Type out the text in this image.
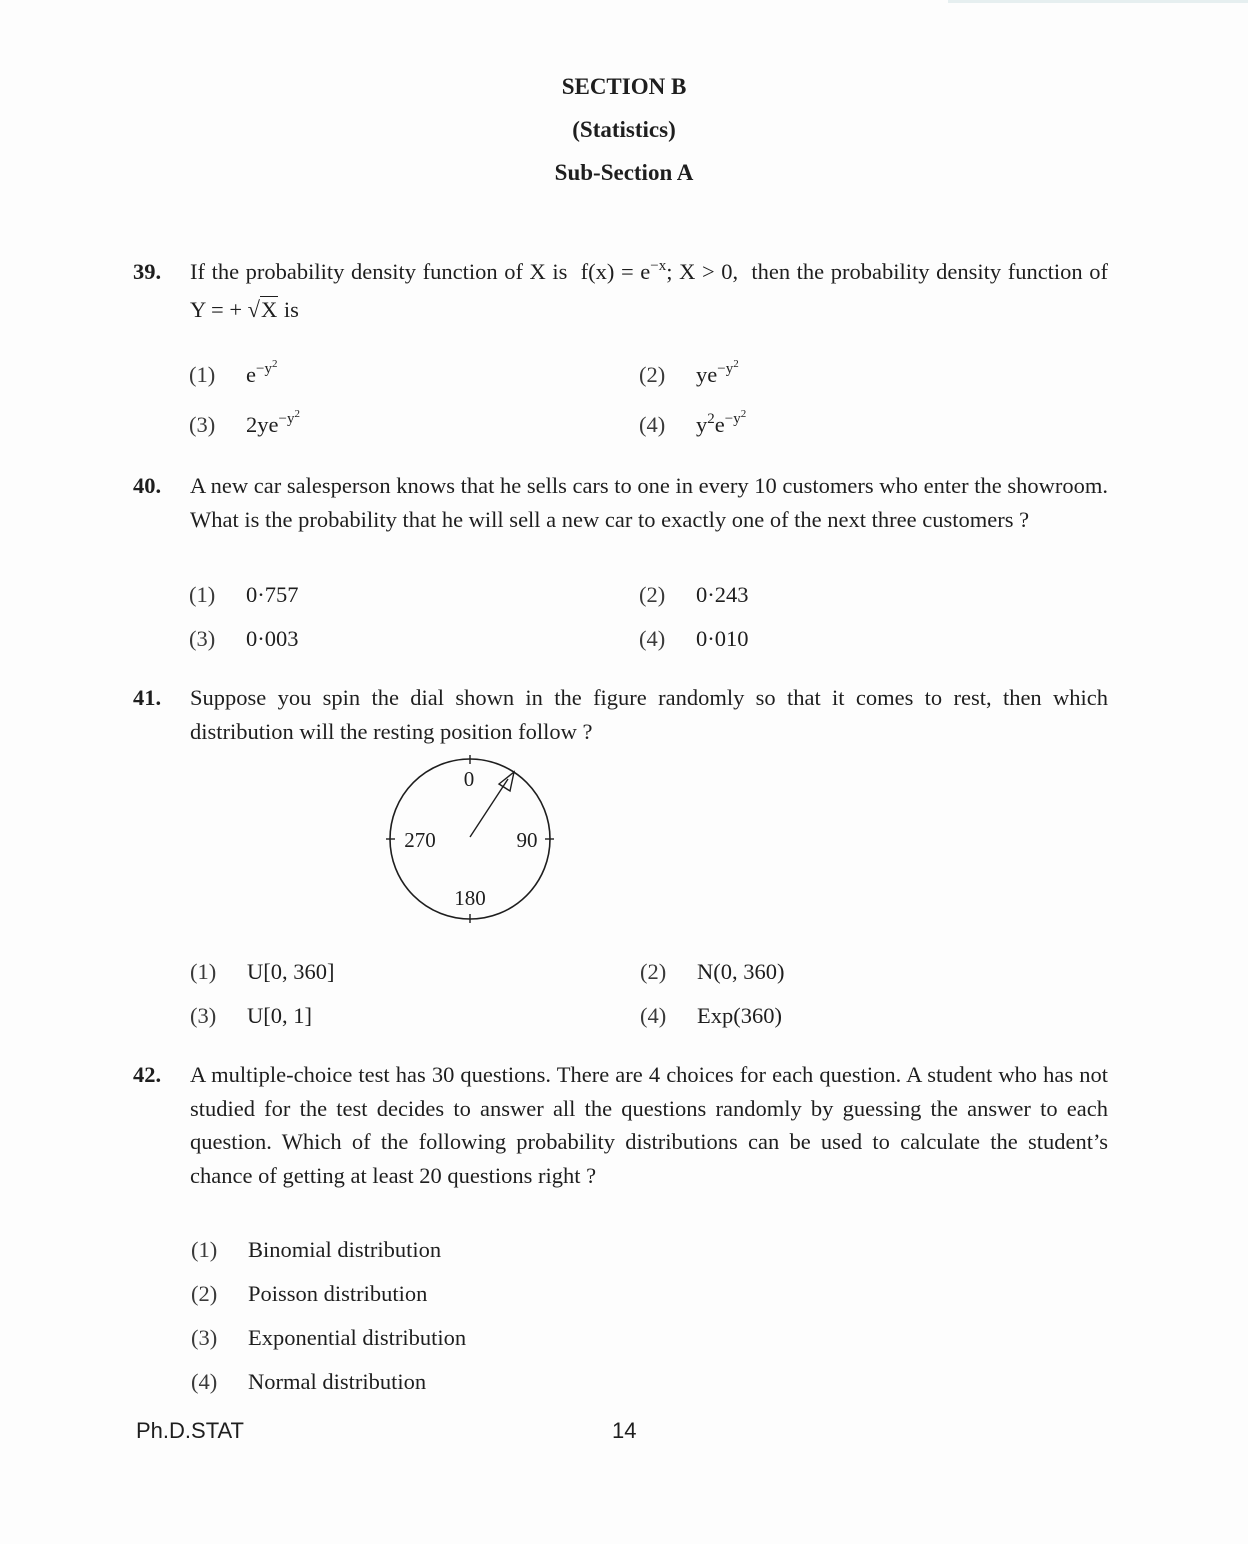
SECTION B
(Statistics)
Sub-Section A
39. If the probability density function of X is $f(x) = e^{-x}$; X > 0, then the probability density function of Y = + √X is
(1) $e^{-y^2}$	(2) $ye^{-y^2}$
(3) $2ye^{-y^2}$	(4) $y^2e^{-y^2}$
40. A new car salesperson knows that he sells cars to one in every 10 customers who enter the showroom. What is the probability that he will sell a new car to exactly one of the next three customers ?
(1) 0·757	(2) 0·243
(3) 0·003	(4) 0·010
41. Suppose you spin the dial shown in the figure randomly so that it comes to rest, then which distribution will the resting position follow ?
0
90
180
270
(1) U[0, 360]	(2) N(0, 360)
(3) U[0, 1]	(4) Exp(360)
42. A multiple-choice test has 30 questions. There are 4 choices for each question. A student who has not studied for the test decides to answer all the questions randomly by guessing the answer to each question. Which of the following probability distributions can be used to calculate the student’s chance of getting at least 20 questions right ?
(1) Binomial distribution
(2) Poisson distribution
(3) Exponential distribution
(4) Normal distribution
Ph.D.STAT	14
